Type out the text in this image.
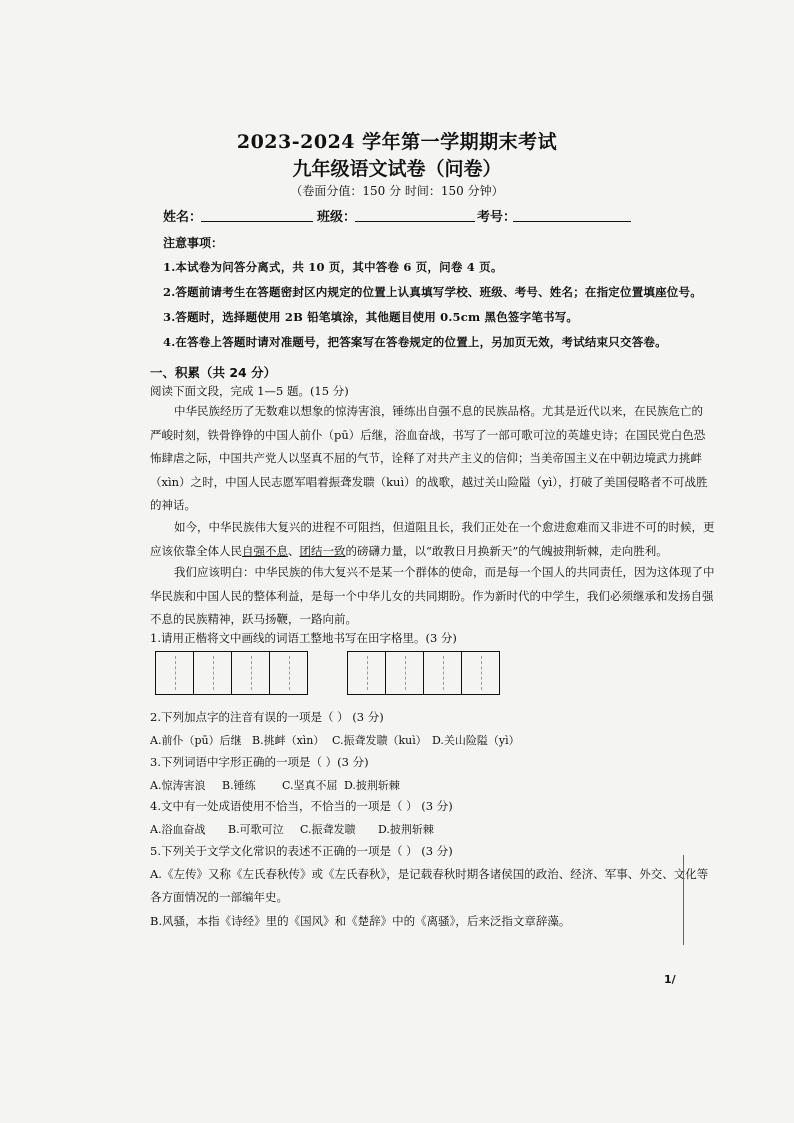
2023-2024 学年第一学期期末考试
九年级语文试卷（问卷）
（卷面分值：150 分 时间：150 分钟）
姓名：	班级：	考号：
注意事项：
1.本试卷为问答分离式，共 10 页，其中答卷 6 页，问卷 4 页。
2.答题前请考生在答题密封区内规定的位置上认真填写学校、班级、考号、姓名；在指定位置填座位号。
3.答题时，选择题使用 2B 铅笔填涂，其他题目使用 0.5cm 黑色签字笔书写。
4.在答卷上答题时请对准题号，把答案写在答卷规定的位置上，另加页无效，考试结束只交答卷。
一、积累（共 24 分）
阅读下面文段，完成 1—5 题。(15 分)
中华民族经历了无数难以想象的惊涛害浪，锤练出自强不息的民族品格。尤其是近代以来，在民族危亡的
严峻时刻，铁骨铮铮的中国人前仆（pū）后继，浴血奋战，书写了一部可歌可泣的英雄史诗；在国民党白色恐
怖肆虐之际，中国共产党人以坚真不屈的气节，诠释了对共产主义的信仰；当美帝国主义在中朝边境武力挑衅
（xìn）之时，中国人民志愿军唱着振聋发聩（kuì）的战歌，越过关山险隘（yì），打破了美国侵略者不可战胜
的神话。
如今，中华民族伟大复兴的进程不可阻挡，但道阻且长，我们正处在一个愈进愈难而又非进不可的时候，更
应该依靠全体人民自强不息、团结一致的磅礴力量，以“敢教日月换新天”的气魄披荆斩棘，走向胜利。
我们应该明白：中华民族的伟大复兴不是某一个群体的使命，而是每一个国人的共同责任，因为这体现了中
华民族和中国人民的整体利益，是每一个中华儿女的共同期盼。作为新时代的中学生，我们必须继承和发扬自强
不息的民族精神，跃马扬鞭，一路向前。
1.请用正楷将文中画线的词语工整地书写在田字格里。(3 分)
2.下列加点字的注音有误的一项是（ ） (3 分)
A.前仆（pū）后继 B.挑衅（xìn） C.振聋发聩（kuì） D.关山险隘（yì）
3.下列词语中字形正确的一项是（ ）(3 分)
A.惊涛害浪 B.锤练 C.坚真不屈 D.披荆斩棘
4.文中有一处成语使用不恰当，不恰当的一项是（ ） (3 分)
A.浴血奋战 B.可歌可泣 C.振聋发聩 D.披荆斩棘
5.下列关于文学文化常识的表述不正确的一项是（ ） (3 分)
A.《左传》又称《左氏春秋传》或《左氏春秋》，是记载春秋时期各诸侯国的政治、经济、军事、外交、文化等
各方面情况的一部编年史。
B.风骚，本指《诗经》里的《国风》和《楚辞》中的《离骚》，后来泛指文章辞藻。
1/
